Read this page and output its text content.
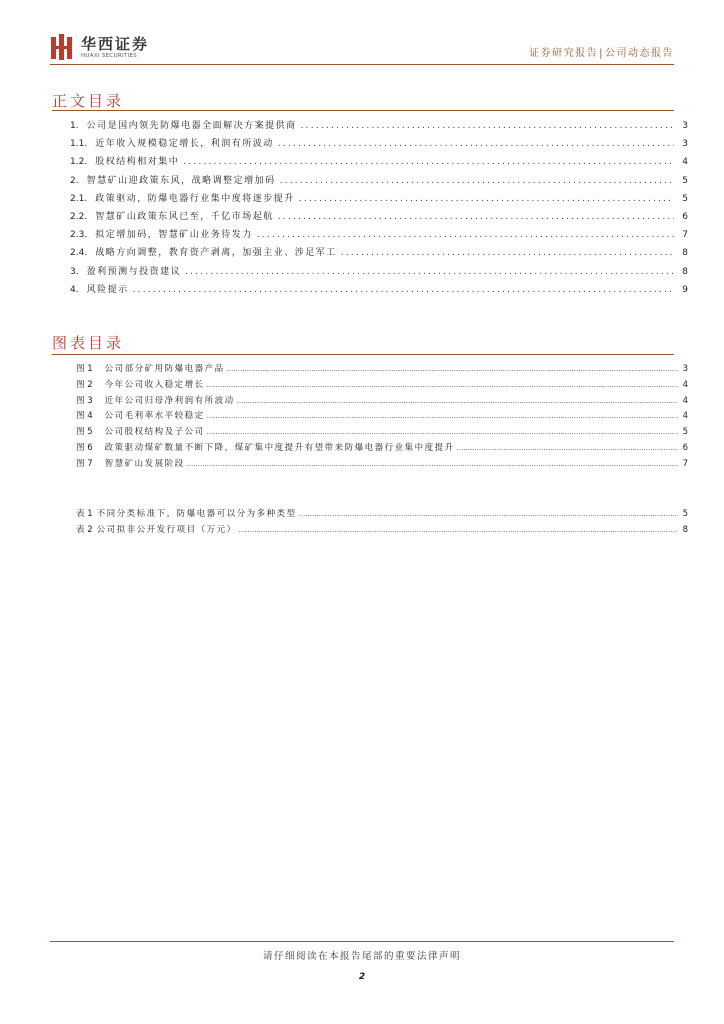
华西证券
HUAXI SECURITIES	证券研究报告|公司动态报告
正文目录
1. 公司是国内领先防爆电器全面解决方案提供商 .....	3
1.1. 近年收入规模稳定增长，利润有所波动 .....	3
1.2. 股权结构相对集中 .....	4
2. 智慧矿山迎政策东风，战略调整定增加码 .....	5
2.1. 政策驱动，防爆电器行业集中度将逐步提升 .....	5
2.2. 智慧矿山政策东风已至，千亿市场起航 .....	6
2.3. 拟定增加码，智慧矿山业务待发力 .....	7
2.4. 战略方向调整，教育资产剥离，加强主业、涉足军工 .....	8
3. 盈利预测与投资建议 .....	8
4. 风险提示 .....	9
图表目录
图 1 公司部分矿用防爆电器产品 .....	3
图 2 今年公司收入稳定增长 .....	4
图 3 近年公司归母净利润有所波动 .....	4
图 4 公司毛利率水平较稳定 .....	4
图 5 公司股权结构及子公司 .....	5
图 6 政策驱动煤矿数量不断下降，煤矿集中度提升有望带来防爆电器行业集中度提升 .....	6
图 7 智慧矿山发展阶段 .....	7
表 1 不同分类标准下，防爆电器可以分为多种类型 .....	5
表 2 公司拟非公开发行项目（万元） .....	8
请仔细阅读在本报告尾部的重要法律声明
2
